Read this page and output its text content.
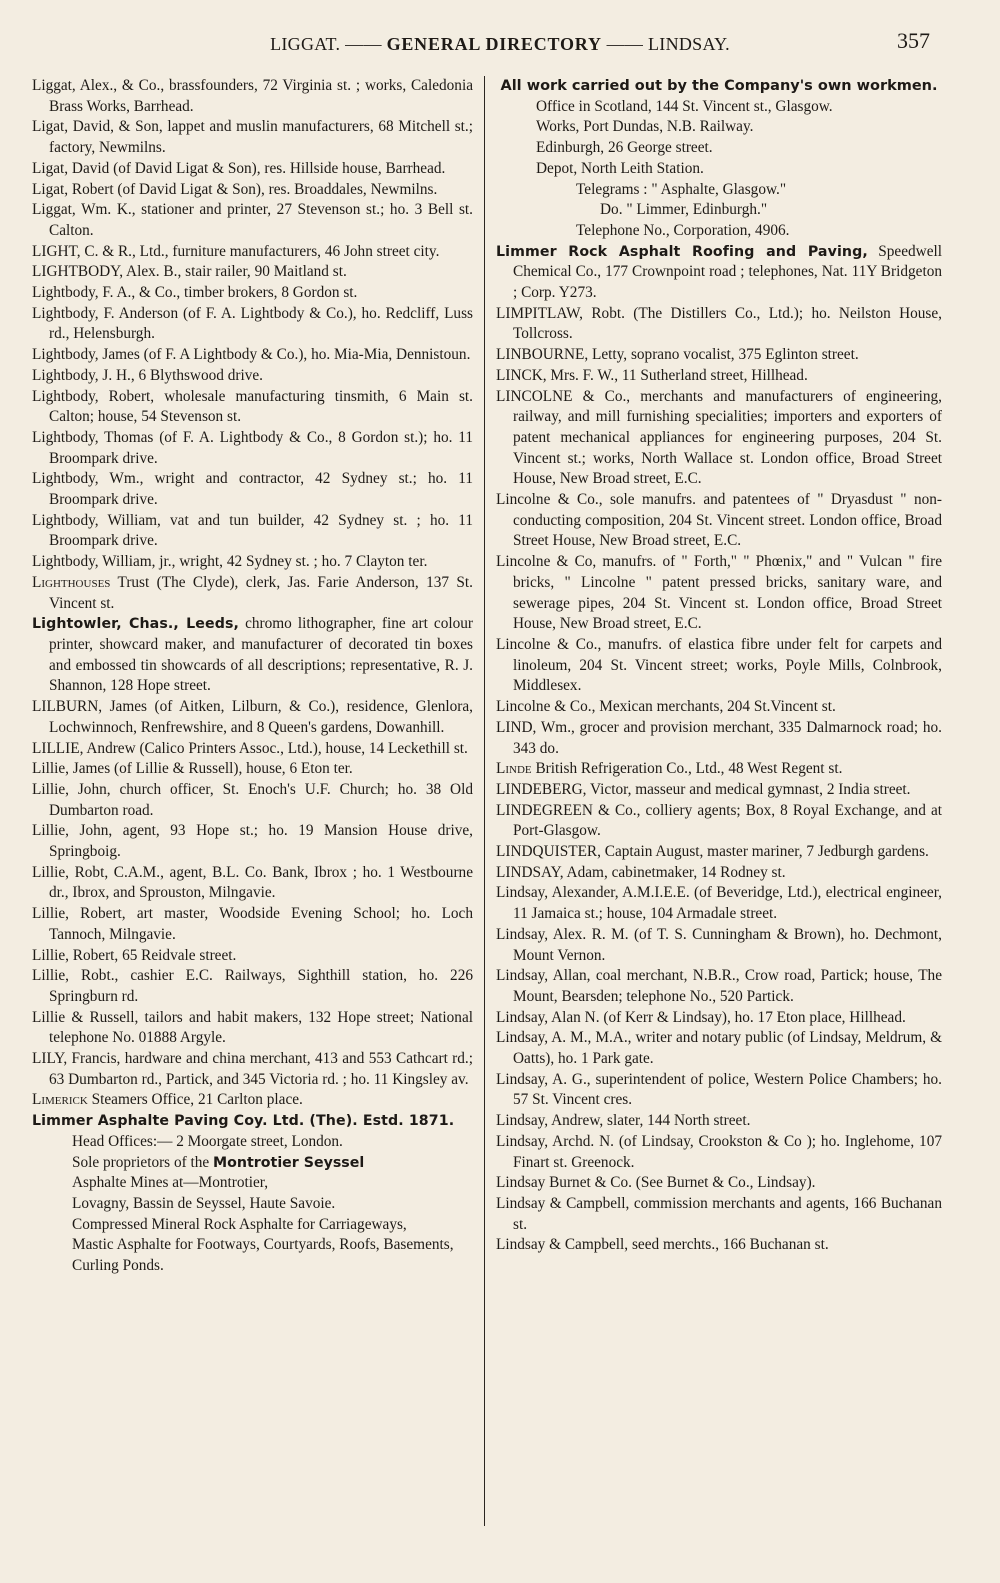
LIGGAT. —— GENERAL DIRECTORY —— LINDSAY.	357
Liggat, Alex., & Co., brassfounders, 72 Virginia st. ; works, Caledonia Brass Works, Barrhead.
Ligat, David, & Son, lappet and muslin manufacturers, 68 Mitchell st.; factory, Newmilns.
Ligat, David (of David Ligat & Son), res. Hillside house, Barrhead.
Ligat, Robert (of David Ligat & Son), res. Broaddales, Newmilns.
Liggat, Wm. K., stationer and printer, 27 Stevenson st.; ho. 3 Bell st. Calton.
LIGHT, C. & R., Ltd., furniture manufacturers, 46 John street city.
LIGHTBODY, Alex. B., stair railer, 90 Maitland st.
Lightbody, F. A., & Co., timber brokers, 8 Gordon st.
Lightbody, F. Anderson (of F. A. Lightbody & Co.), ho. Redcliff, Luss rd., Helensburgh.
Lightbody, James (of F. A Lightbody & Co.), ho. Mia-Mia, Dennistoun.
Lightbody, J. H., 6 Blythswood drive.
Lightbody, Robert, wholesale manufacturing tinsmith, 6 Main st. Calton; house, 54 Stevenson st.
Lightbody, Thomas (of F. A. Lightbody & Co., 8 Gordon st.); ho. 11 Broompark drive.
Lightbody, Wm., wright and contractor, 42 Sydney st.; ho. 11 Broompark drive.
Lightbody, William, vat and tun builder, 42 Sydney st. ; ho. 11 Broompark drive.
Lightbody, William, jr., wright, 42 Sydney st. ; ho. 7 Clayton ter.
Lighthouses Trust (The Clyde), clerk, Jas. Farie Anderson, 137 St. Vincent st.
Lightowler, Chas., Leeds, chromo lithographer, fine art colour printer, showcard maker, and manufacturer of decorated tin boxes and embossed tin showcards of all descriptions; representative, R. J. Shannon, 128 Hope street.
LILBURN, James (of Aitken, Lilburn, & Co.), residence, Glenlora, Lochwinnoch, Renfrewshire, and 8 Queen's gardens, Dowanhill.
LILLIE, Andrew (Calico Printers Assoc., Ltd.), house, 14 Leckethill st.
Lillie, James (of Lillie & Russell), house, 6 Eton ter.
Lillie, John, church officer, St. Enoch's U.F. Church; ho. 38 Old Dumbarton road.
Lillie, John, agent, 93 Hope st.; ho. 19 Mansion House drive, Springboig.
Lillie, Robt, C.A.M., agent, B.L. Co. Bank, Ibrox ; ho. 1 Westbourne dr., Ibrox, and Sprouston, Milngavie.
Lillie, Robert, art master, Woodside Evening School; ho. Loch Tannoch, Milngavie.
Lillie, Robert, 65 Reidvale street.
Lillie, Robt., cashier E.C. Railways, Sighthill station, ho. 226 Springburn rd.
Lillie & Russell, tailors and habit makers, 132 Hope street; National telephone No. 01888 Argyle.
LILY, Francis, hardware and china merchant, 413 and 553 Cathcart rd.; 63 Dumbarton rd., Partick, and 345 Victoria rd. ; ho. 11 Kingsley av.
Limerick Steamers Office, 21 Carlton place.
Limmer Asphalte Paving Coy. Ltd. (The). Estd. 1871.
Head Offices:— 2 Moorgate street, London.
Sole proprietors of the Montrotier Seyssel
Asphalte Mines at—Montrotier,
Lovagny, Bassin de Seyssel, Haute Savoie.
Compressed Mineral Rock Asphalte for Carriageways,
Mastic Asphalte for Footways, Courtyards, Roofs, Basements, Curling Ponds.
All work carried out by the Company's own workmen.
Office in Scotland, 144 St. Vincent st., Glasgow.
Works, Port Dundas, N.B. Railway.
Edinburgh, 26 George street.
Depot, North Leith Station.
Telegrams : " Asphalte, Glasgow."
Do. " Limmer, Edinburgh."
Telephone No., Corporation, 4906.
Limmer Rock Asphalt Roofing and Paving, Speedwell Chemical Co., 177 Crownpoint road ; telephones, Nat. 11Y Bridgeton ; Corp. Y273.
LIMPITLAW, Robt. (The Distillers Co., Ltd.); ho. Neilston House, Tollcross.
LINBOURNE, Letty, soprano vocalist, 375 Eglinton street.
LINCK, Mrs. F. W., 11 Sutherland street, Hillhead.
LINCOLNE & Co., merchants and manufacturers of engineering, railway, and mill furnishing specialities; importers and exporters of patent mechanical appliances for engineering purposes, 204 St. Vincent st.; works, North Wallace st. London office, Broad Street House, New Broad street, E.C.
Lincolne & Co., sole manufrs. and patentees of " Dryasdust " non-conducting composition, 204 St. Vincent street. London office, Broad Street House, New Broad street, E.C.
Lincolne & Co, manufrs. of " Forth," " Phœnix," and " Vulcan " fire bricks, " Lincolne " patent pressed bricks, sanitary ware, and sewerage pipes, 204 St. Vincent st. London office, Broad Street House, New Broad street, E.C.
Lincolne & Co., manufrs. of elastica fibre under felt for carpets and linoleum, 204 St. Vincent street; works, Poyle Mills, Colnbrook, Middlesex.
Lincolne & Co., Mexican merchants, 204 St.Vincent st.
LIND, Wm., grocer and provision merchant, 335 Dalmarnock road; ho. 343 do.
Linde British Refrigeration Co., Ltd., 48 West Regent st.
LINDEBERG, Victor, masseur and medical gymnast, 2 India street.
LINDEGREEN & Co., colliery agents; Box, 8 Royal Exchange, and at Port-Glasgow.
LINDQUISTER, Captain August, master mariner, 7 Jedburgh gardens.
LINDSAY, Adam, cabinetmaker, 14 Rodney st.
Lindsay, Alexander, A.M.I.E.E. (of Beveridge, Ltd.), electrical engineer, 11 Jamaica st.; house, 104 Armadale street.
Lindsay, Alex. R. M. (of T. S. Cunningham & Brown), ho. Dechmont, Mount Vernon.
Lindsay, Allan, coal merchant, N.B.R., Crow road, Partick; house, The Mount, Bearsden; telephone No., 520 Partick.
Lindsay, Alan N. (of Kerr & Lindsay), ho. 17 Eton place, Hillhead.
Lindsay, A. M., M.A., writer and notary public (of Lindsay, Meldrum, & Oatts), ho. 1 Park gate.
Lindsay, A. G., superintendent of police, Western Police Chambers; ho. 57 St. Vincent cres.
Lindsay, Andrew, slater, 144 North street.
Lindsay, Archd. N. (of Lindsay, Crookston & Co ); ho. Inglehome, 107 Finart st. Greenock.
Lindsay Burnet & Co. (See Burnet & Co., Lindsay).
Lindsay & Campbell, commission merchants and agents, 166 Buchanan st.
Lindsay & Campbell, seed merchts., 166 Buchanan st.
